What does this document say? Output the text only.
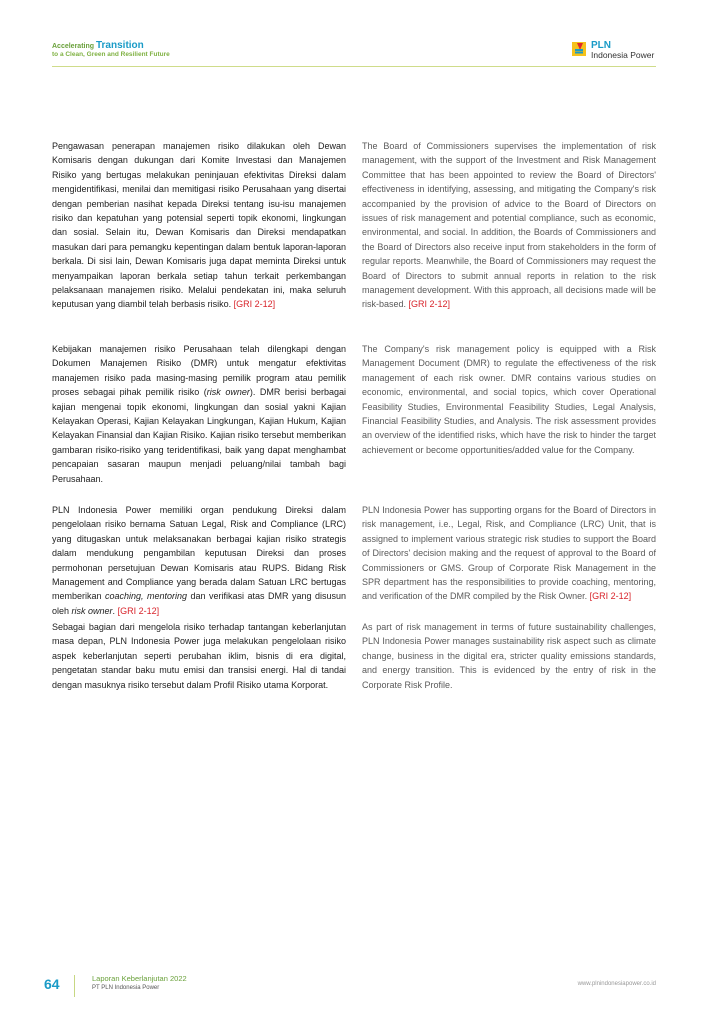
Accelerating Transition
to a Clean, Green and Resilient Future
PLN
Indonesia Power

Pengawasan penerapan manajemen risiko dilakukan oleh Dewan Komisaris dengan dukungan dari Komite Investasi dan Manajemen Risiko yang bertugas melakukan peninjauan efektivitas Direksi dalam mengidentifikasi, menilai dan memitigasi risiko Perusahaan yang disertai dengan pemberian nasihat kepada Direksi tentang isu-isu manajemen risiko dan kepatuhan yang potensial seperti topik ekonomi, lingkungan dan sosial. Selain itu, Dewan Komisaris dan Direksi mendapatkan masukan dari para pemangku kepentingan dalam bentuk laporan-laporan berkala. Di sisi lain, Dewan Komisaris juga dapat meminta Direksi untuk menyampaikan laporan berkala setiap tahun terkait perkembangan pelaksanaan manajemen risiko. Melalui pendekatan ini, maka seluruh keputusan yang diambil telah berbasis risiko. [GRI 2-12]

Kebijakan manajemen risiko Perusahaan telah dilengkapi dengan Dokumen Manajemen Risiko (DMR) untuk mengatur efektivitas manajemen risiko pada masing-masing pemilik program atau pemilik proses sebagai pihak pemilik risiko (risk owner). DMR berisi berbagai kajian mengenai topik ekonomi, lingkungan dan sosial yakni Kajian Kelayakan Operasi, Kajian Kelayakan Lingkungan, Kajian Hukum, Kajian Kelayakan Finansial dan Kajian Risiko. Kajian risiko tersebut memberikan gambaran risiko-risiko yang teridentifikasi, baik yang dapat menghambat pencapaian sasaran maupun menjadi peluang/nilai tambah bagi Perusahaan.

PLN Indonesia Power memiliki organ pendukung Direksi dalam pengelolaan risiko bernama Satuan Legal, Risk and Compliance (LRC) yang ditugaskan untuk melaksanakan berbagai kajian risiko strategis dalam mendukung pengambilan keputusan Direksi dan proses permohonan persetujuan Dewan Komisaris atau RUPS. Bidang Risk Management and Compliance yang berada dalam Satuan LRC bertugas memberikan coaching, mentoring dan verifikasi atas DMR yang disusun oleh risk owner. [GRI 2-12]

Sebagai bagian dari mengelola risiko terhadap tantangan keberlanjutan masa depan, PLN Indonesia Power juga melakukan pengelolaan risiko aspek keberlanjutan seperti perubahan iklim, bisnis di era digital, pengetatan standar baku mutu emisi dan transisi energi. Hal di tandai dengan masuknya risiko tersebut dalam Profil Risiko utama Korporat.

The Board of Commissioners supervises the implementation of risk management, with the support of the Investment and Risk Management Committee that has been appointed to review the Board of Directors' effectiveness in identifying, assessing, and mitigating the Company's risk accompanied by the provision of advice to the Board of Directors on issues of risk management and potential compliance, such as economic, environmental, and social. In addition, the Boards of Commissioners and the Board of Directors also receive input from stakeholders in the form of regular reports. Meanwhile, the Board of Commissioners may request the Board of Directors to submit annual reports in relation to the risk management development. With this approach, all decisions made will be risk-based. [GRI 2-12]

The Company's risk management policy is equipped with a Risk Management Document (DMR) to regulate the effectiveness of the risk management of each risk owner. DMR contains various studies on economic, environmental, and social topics, which cover Operational Feasibility Studies, Environmental Feasibility Studies, Legal Analysis, Financial Feasibility Studies, and Analysis. The risk assessment provides an overview of the identified risks, which have the risk to hinder the target achievement or become opportunities/added value for the Company.

PLN Indonesia Power has supporting organs for the Board of Directors in risk management, i.e., Legal, Risk, and Compliance (LRC) Unit, that is assigned to implement various strategic risk studies to support the Board of Directors' decision making and the request of approval to the Board of Commissioners or GMS. Group of Corporate Risk Management in the SPR department has the responsibilities to provide coaching, mentoring, and verification of the DMR compiled by the Risk Owner. [GRI 2-12]

As part of risk management in terms of future sustainability challenges, PLN Indonesia Power manages sustainability risk aspect such as climate change, business in the digital era, stricter quality emissions standards, and energy transition. This is evidenced by the entry of risk in the Corporate Risk Profile.

64	Laporan Keberlanjutan 2022
PT PLN Indonesia Power
www.plnindonesiapower.co.id
